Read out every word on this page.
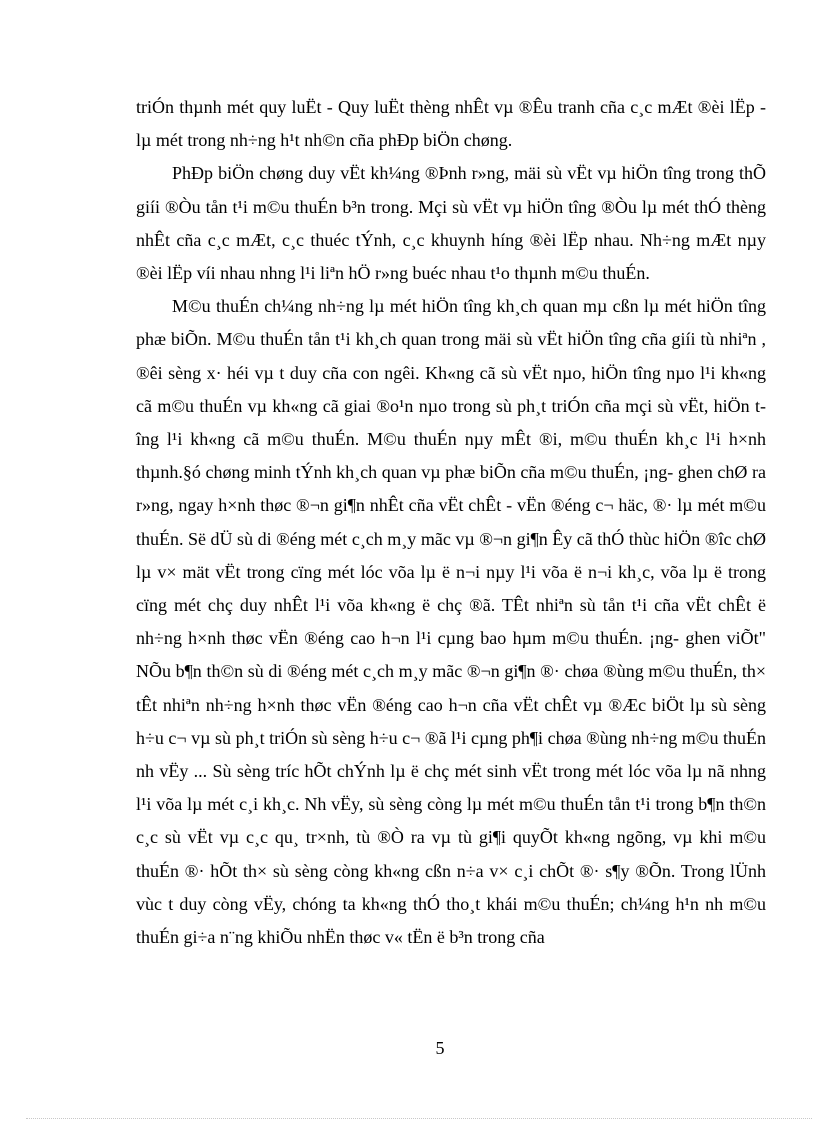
triÓn thµnh mét quy luËt - Quy luËt thèng nhÊt vµ ®Êu tranh cña c¸c mÆt ®èi lËp - lµ mét trong nh÷ng h¹t nh©n cña phÐp biÖn chøng.

PhÐp biÖn chøng duy vËt kh¼ng ®Þnh r»ng, mäi sù vËt vµ hiÖn tîng trong thÕ giíi ®Òu tån t¹i m©u thuÉn b³n trong. Mçi sù vËt vµ hiÖn tîng ®Òu lµ mét thÓ thèng nhÊt cña c¸c mÆt, c¸c thuéc tÝnh, c¸c khuynh híng ®èi lËp nhau. Nh÷ng mÆt nµy ®èi lËp víi nhau nhng l¹i liªn hÖ r»ng buéc nhau t¹o thµnh m©u thuÉn.

M©u thuÉn ch¼ng nh÷ng lµ mét hiÖn tîng kh¸ch quan mµ cßn lµ mét hiÖn tîng phæ biÕn. M©u thuÉn tån t¹i kh¸ch quan trong mäi sù vËt hiÖn tîng cña giíi tù nhiªn , ®êi sèng x· héi vµ t duy cña con ngêi. Kh«ng cã sù vËt nµo, hiÖn tîng nµo l¹i kh«ng cã m©u thuÉn vµ kh«ng cã giai ®o¹n nµo trong sù ph¸t triÓn cña mçi sù vËt, hiÖn tîng l¹i kh«ng cã m©u thuÉn. M©u thuÉn nµy mÊt ®i, m©u thuÉn kh¸c l¹i h×nh thµnh.§ó chøng minh tÝnh kh¸ch quan vµ phæ biÕn cña m©u thuÉn, ¡ng- ghen chØ ra r»ng, ngay h×nh thøc ®¬n gi¶n nhÊt cña vËt chÊt - vËn ®éng c¬ häc, ®· lµ mét m©u thuÉn. Së dÜ sù di ®éng mét c¸ch m¸y mãc vµ ®¬n gi¶n Êy cã thÓ thùc hiÖn ®îc chØ lµ v× mät vËt trong cïng mét lóc võa lµ ë n¬i nµy l¹i võa ë n¬i kh¸c, võa lµ ë trong cïng mét chç duy nhÊt l¹i võa kh«ng ë chç ®ã. TÊt nhiªn sù tån t¹i cña vËt chÊt ë nh÷ng h×nh thøc vËn ®éng cao h¬n l¹i cµng bao hµm m©u thuÉn. ¡ng- ghen viÕt" NÕu b¶n th©n sù di ®éng mét c¸ch m¸y mãc ®¬n gi¶n ®· chøa ®ùng m©u thuÉn, th× tÊt nhiªn nh÷ng h×nh thøc vËn ®éng cao h¬n cña vËt chÊt vµ ®Æc biÖt lµ sù sèng h÷u c¬ vµ sù ph¸t triÓn sù sèng h÷u c¬ ®ã l¹i cµng ph¶i chøa ®ùng nh÷ng m©u thuÉn nh vËy ... Sù sèng tríc hÕt chÝnh lµ ë chç mét sinh vËt trong mét lóc võa lµ nã nhng l¹i võa lµ mét c¸i kh¸c. Nh vËy, sù sèng còng lµ mét m©u thuÉn tån t¹i trong b¶n th©n c¸c sù vËt vµ c¸c qu¸ tr×nh, tù ®Ò ra vµ tù gi¶i quyÕt kh«ng ngõng, vµ khi m©u thuÉn ®· hÕt th× sù sèng còng kh«ng cßn n÷a v× c¸i chÕt ®· s¶y ®Õn. Trong lÜnh vùc t duy còng vËy, chóng ta kh«ng thÓ tho¸t khái m©u thuÉn; ch¼ng h¹n nh m©u thuÉn gi÷a n¨ng khiÕu nhËn thøc v« tËn ë b³n trong cña

5
